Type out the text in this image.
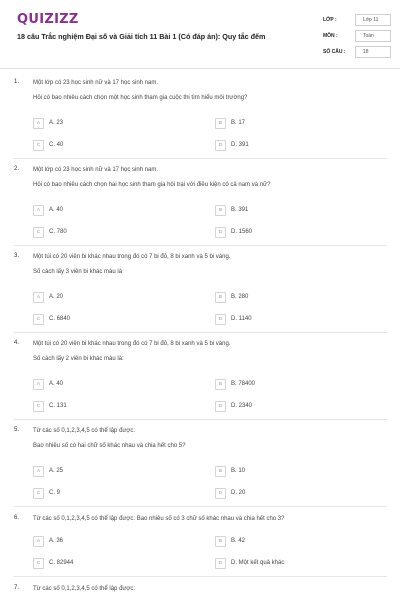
QUIZIZZ
18 câu Trắc nghiệm Đại số và Giải tích 11 Bài 1 (Có đáp án): Quy tắc đếm
LỚP :	Lớp 11
MÔN :	Toán
SỐ CÂU :	18
1. Một lớp có 23 học sinh nữ và 17 học sinh nam.
Hỏi có bao nhiêu cách chọn một học sinh tham gia cuộc thi tìm hiểu môi trường?
A	A. 23	B	B. 17
C	C. 40	D	D. 391
2. Một lớp có 23 học sinh nữ và 17 học sinh nam.
Hỏi có bao nhiêu cách chọn hai học sinh tham gia hội trại với điều kiện có cả nam và nữ?
A	A. 40	B	B. 391
C	C. 780	D	D. 1560
3. Một túi có 20 viên bi khác nhau trong đó có 7 bi đỏ, 8 bi xanh và 5 bi vàng.
Số cách lấy 3 viên bi khác màu là
A	A. 20	B	B. 280
C	C. 6840	D	D. 1140
4. Một túi có 20 viên bi khác nhau trong đó có 7 bi đỏ, 8 bi xanh và 5 bi vàng.
Số cách lấy 2 viên bi khác màu là:
A	A. 40	B	B. 78400
C	C. 131	D	D. 2340
5. Từ các số 0,1,2,3,4,5 có thể lập được:
Bao nhiêu số có hai chữ số khác nhau và chia hết cho 5?
A	A. 25	B	B. 10
C	C. 9	D	D. 20
6. Từ các số 0,1,2,3,4,5 có thể lập được: Bao nhiêu số có 3 chữ số khác nhau và chia hết cho 3?
A	A. 36	B	B. 42
C	C. 82944	D	D. Một kết quả khác
7. Từ các số 0,1,2,3,4,5 có thể lập được:
